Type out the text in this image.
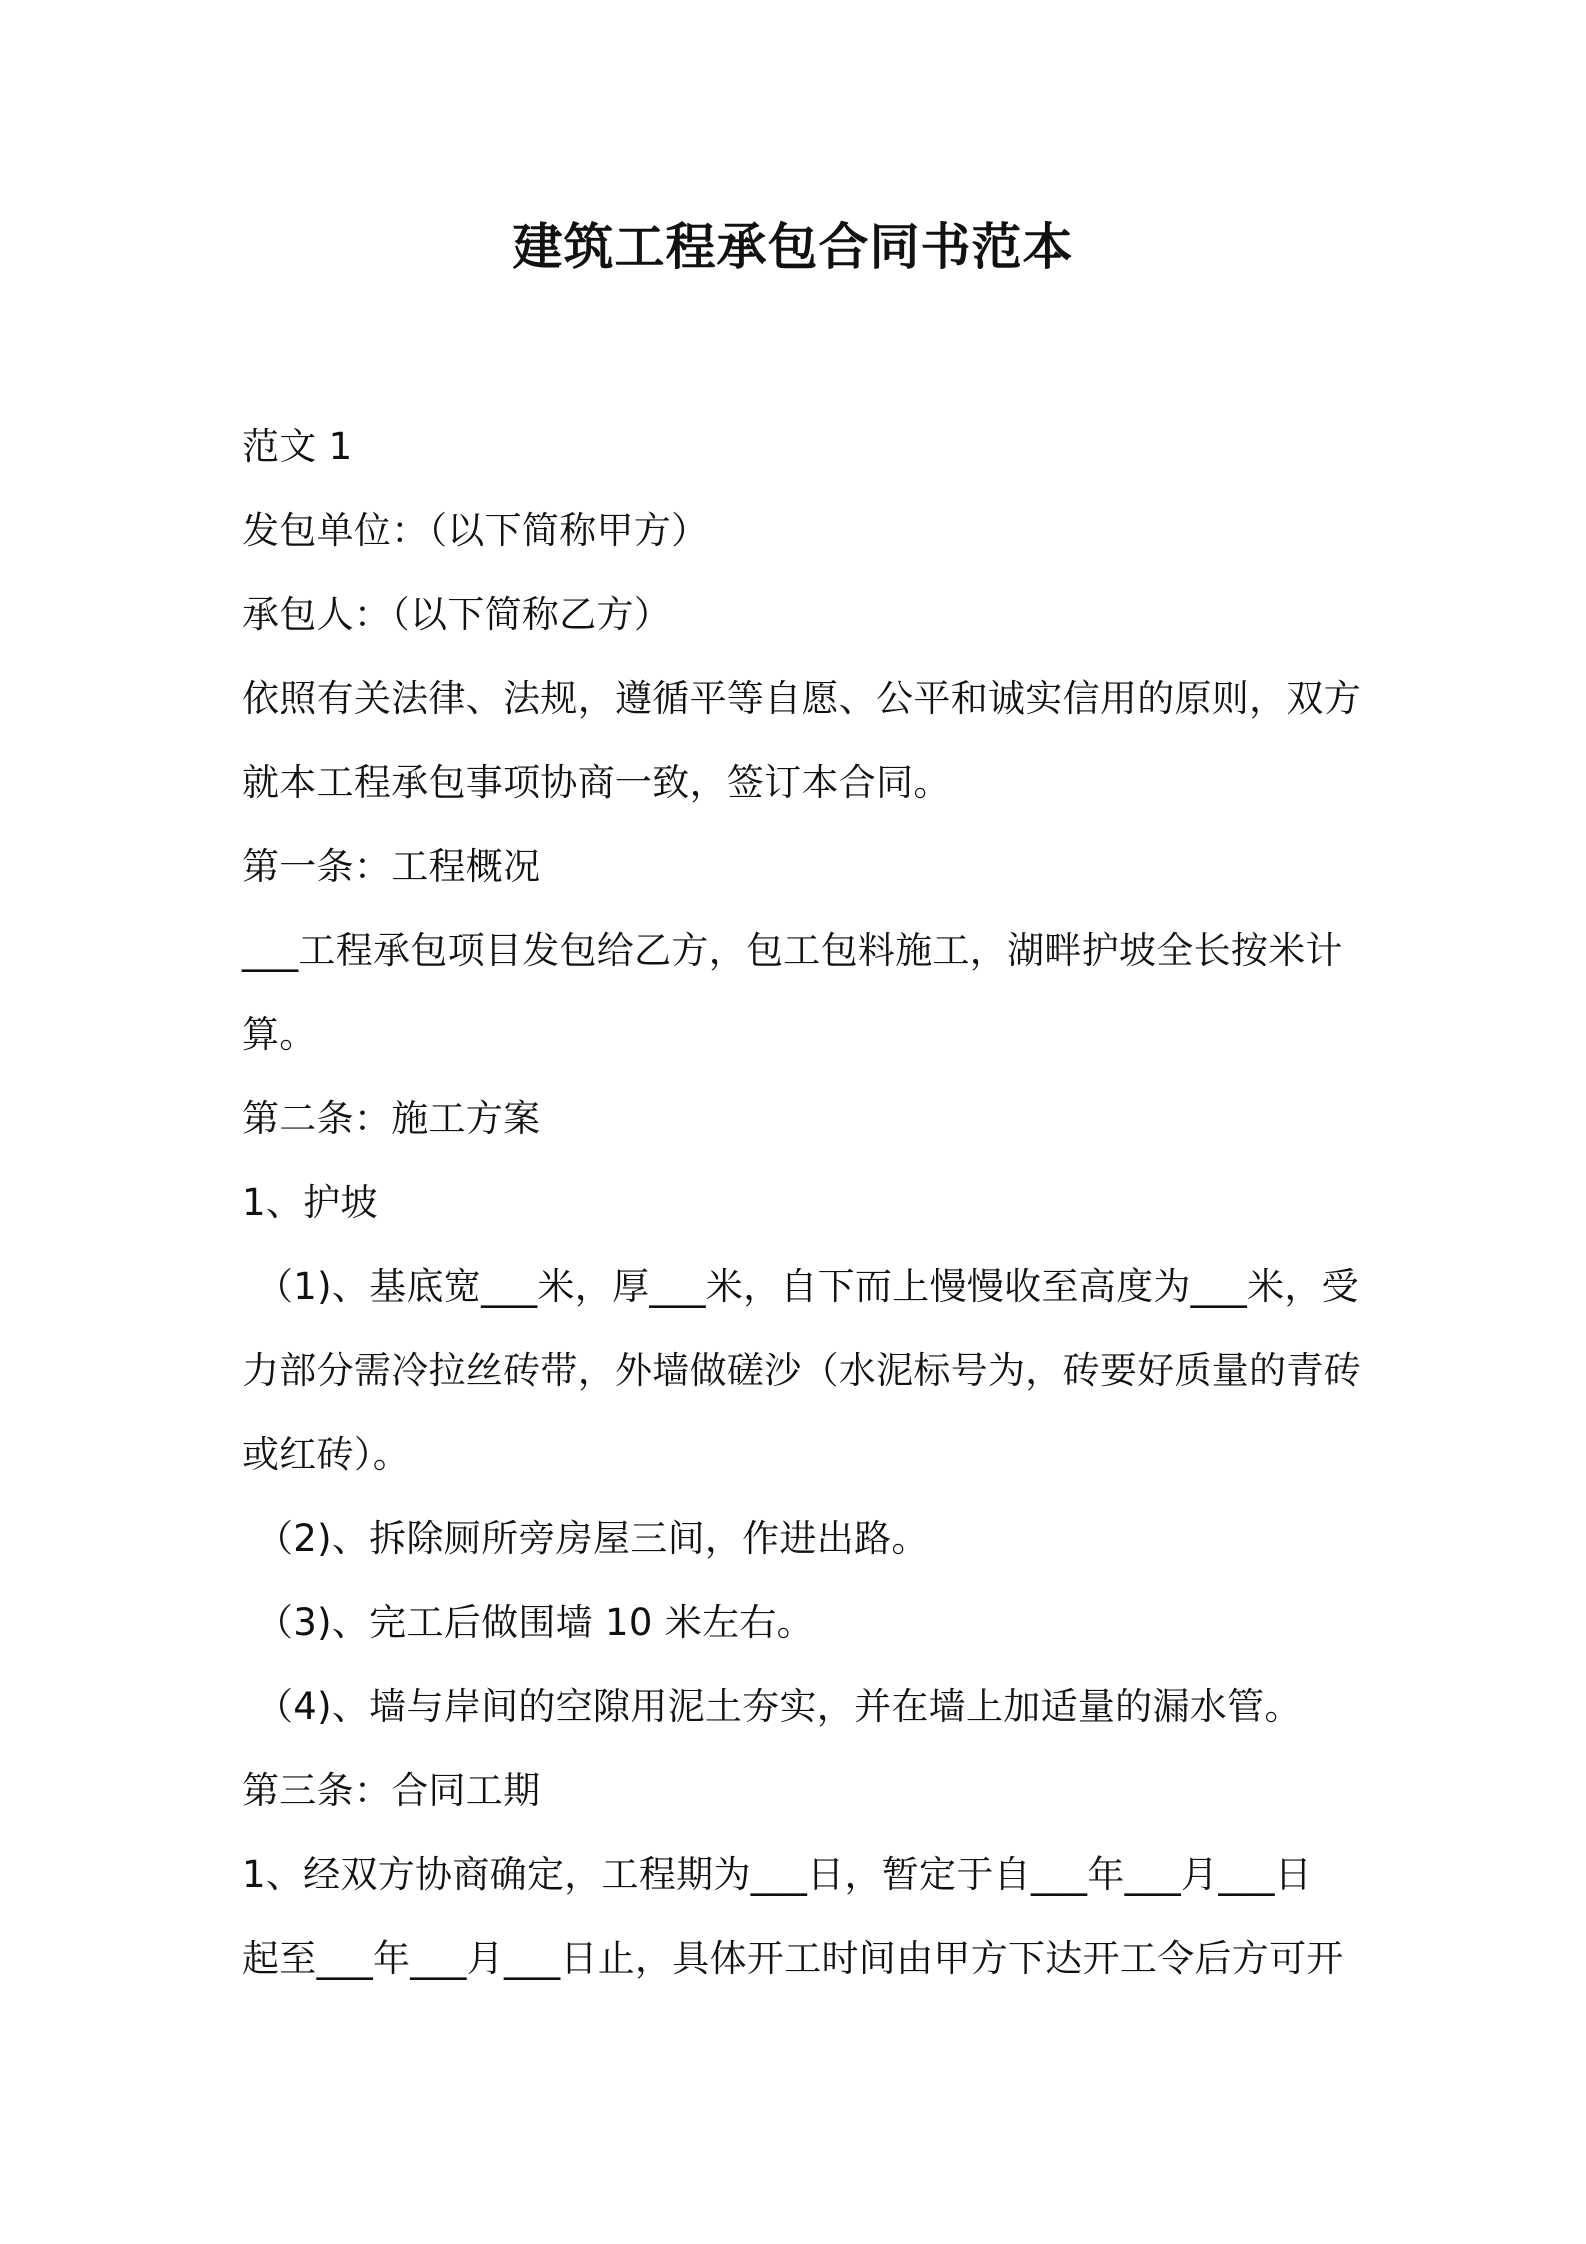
建筑工程承包合同书范本
范文 1
发包单位：（以下简称甲方）
承包人：（以下简称乙方）
依照有关法律、法规，遵循平等自愿、公平和诚实信用的原则，双方
就本工程承包事项协商一致，签订本合同。
第一条：工程概况
___工程承包项目发包给乙方，包工包料施工，湖畔护坡全长按米计
算。
第二条：施工方案
1、护坡
（1)、基底宽___米，厚___米，自下而上慢慢收至高度为___米，受
力部分需冷拉丝砖带，外墙做磋沙（水泥标号为，砖要好质量的青砖
或红砖）。
（2)、拆除厕所旁房屋三间，作进出路。
（3)、完工后做围墙 10 米左右。
（4)、墙与岸间的空隙用泥土夯实，并在墙上加适量的漏水管。
第三条：合同工期
1、经双方协商确定，工程期为___日，暂定于自___年___月___日
起至___年___月___日止，具体开工时间由甲方下达开工令后方可开
